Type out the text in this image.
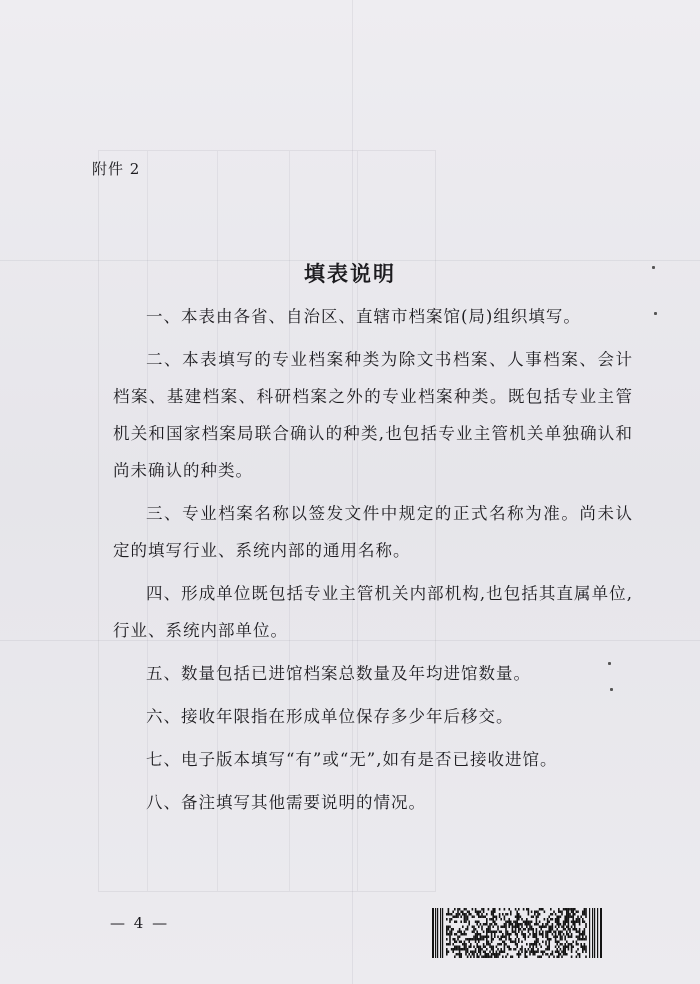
附件 2
填表说明

一、本表由各省、自治区、直辖市档案馆(局)组织填写。

二、本表填写的专业档案种类为除文书档案、人事档案、会计档案、基建档案、科研档案之外的专业档案种类。既包括专业主管机关和国家档案局联合确认的种类,也包括专业主管机关单独确认和尚未确认的种类。

三、专业档案名称以签发文件中规定的正式名称为准。尚未认定的填写行业、系统内部的通用名称。

四、形成单位既包括专业主管机关内部机构,也包括其直属单位,行业、系统内部单位。

五、数量包括已进馆档案总数量及年均进馆数量。

六、接收年限指在形成单位保存多少年后移交。

七、电子版本填写“有”或“无”,如有是否已接收进馆。

八、备注填写其他需要说明的情况。

— 4 —
